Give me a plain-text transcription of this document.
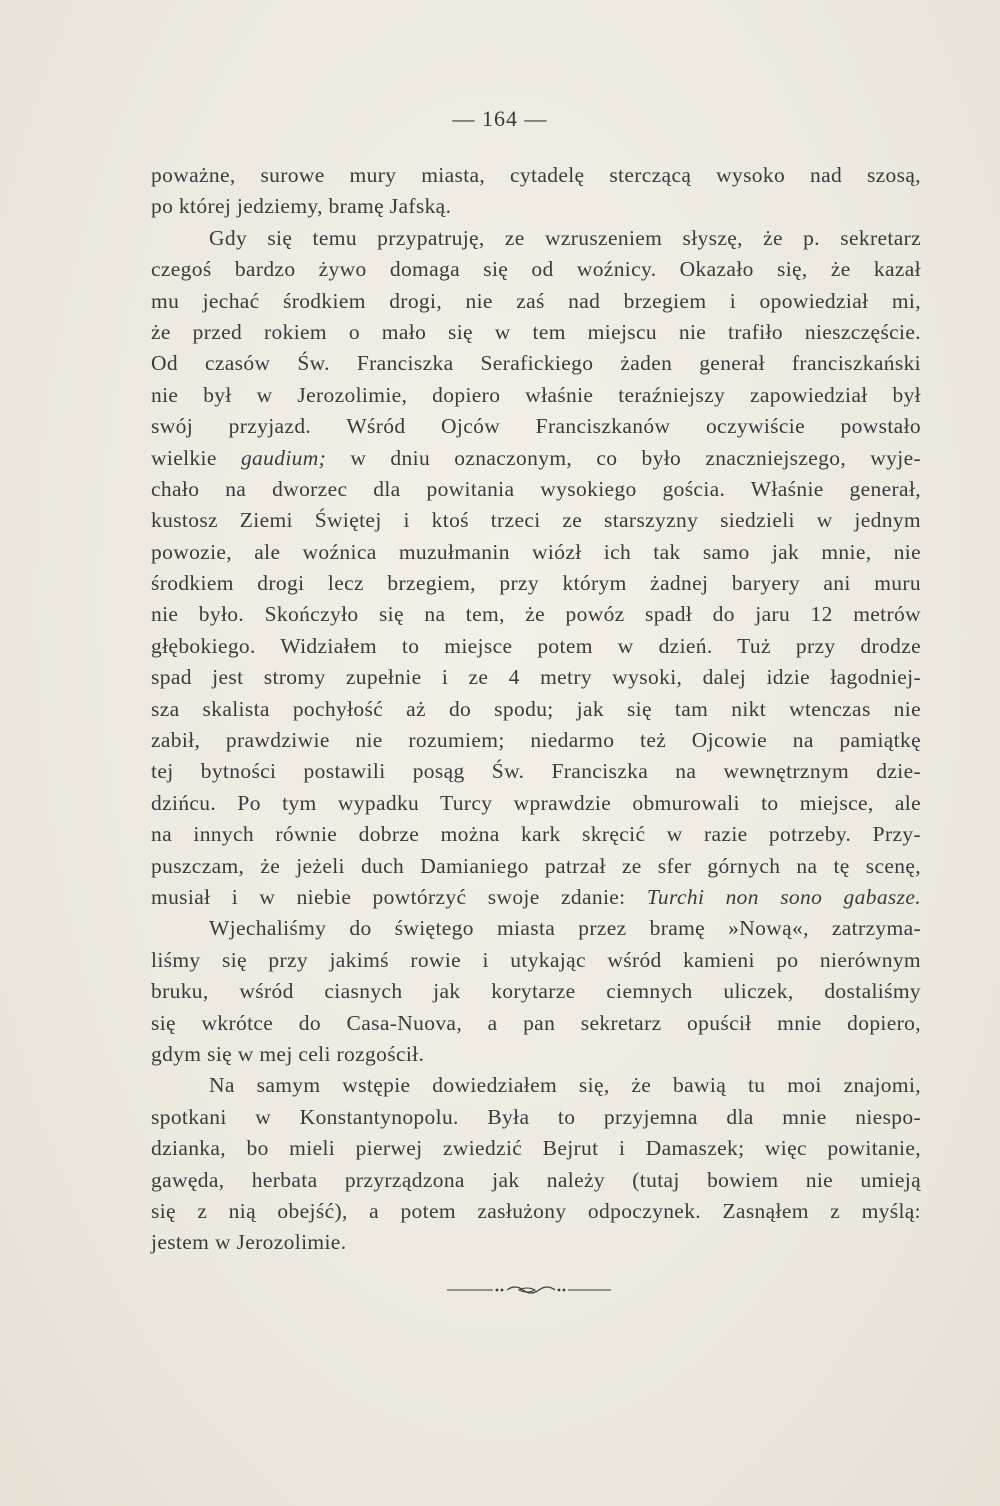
— 164 —
poważne, surowe mury miasta, cytadelę sterczącą wysoko nad szosą,
po której jedziemy, bramę Jafską.
Gdy się temu przypatruję, ze wzruszeniem słyszę, że p. sekretarz
czegoś bardzo żywo domaga się od woźnicy. Okazało się, że kazał
mu jechać środkiem drogi, nie zaś nad brzegiem i opowiedział mi,
że przed rokiem o mało się w tem miejscu nie trafiło nieszczęście.
Od czasów Św. Franciszka Serafickiego żaden generał franciszkański
nie był w Jerozolimie, dopiero właśnie teraźniejszy zapowiedział był
swój przyjazd. Wśród Ojców Franciszkanów oczywiście powstało
wielkie gaudium; w dniu oznaczonym, co było znaczniejszego, wyje-
chało na dworzec dla powitania wysokiego gościa. Właśnie generał,
kustosz Ziemi Świętej i ktoś trzeci ze starszyzny siedzieli w jednym
powozie, ale woźnica muzułmanin wiózł ich tak samo jak mnie, nie
środkiem drogi lecz brzegiem, przy którym żadnej baryery ani muru
nie było. Skończyło się na tem, że powóz spadł do jaru 12 metrów
głębokiego. Widziałem to miejsce potem w dzień. Tuż przy drodze
spad jest stromy zupełnie i ze 4 metry wysoki, dalej idzie łagodniej-
sza skalista pochyłość aż do spodu; jak się tam nikt wtenczas nie
zabił, prawdziwie nie rozumiem; niedarmo też Ojcowie na pamiątkę
tej bytności postawili posąg Św. Franciszka na wewnętrznym dzie-
dzińcu. Po tym wypadku Turcy wprawdzie obmurowali to miejsce, ale
na innych równie dobrze można kark skręcić w razie potrzeby. Przy-
puszczam, że jeżeli duch Damianiego patrzał ze sfer górnych na tę scenę,
musiał i w niebie powtórzyć swoje zdanie: Turchi non sono gabasze.
Wjechaliśmy do świętego miasta przez bramę »Nową«, zatrzyma-
liśmy się przy jakimś rowie i utykając wśród kamieni po nierównym
bruku, wśród ciasnych jak korytarze ciemnych uliczek, dostaliśmy
się wkrótce do Casa-Nuova, a pan sekretarz opuścił mnie dopiero,
gdym się w mej celi rozgościł.
Na samym wstępie dowiedziałem się, że bawią tu moi znajomi,
spotkani w Konstantynopolu. Była to przyjemna dla mnie niespo-
dzianka, bo mieli pierwej zwiedzić Bejrut i Damaszek; więc powitanie,
gawęda, herbata przyrządzona jak należy (tutaj bowiem nie umieją
się z nią obejść), a potem zasłużony odpoczynek. Zasnąłem z myślą:
jestem w Jerozolimie.
